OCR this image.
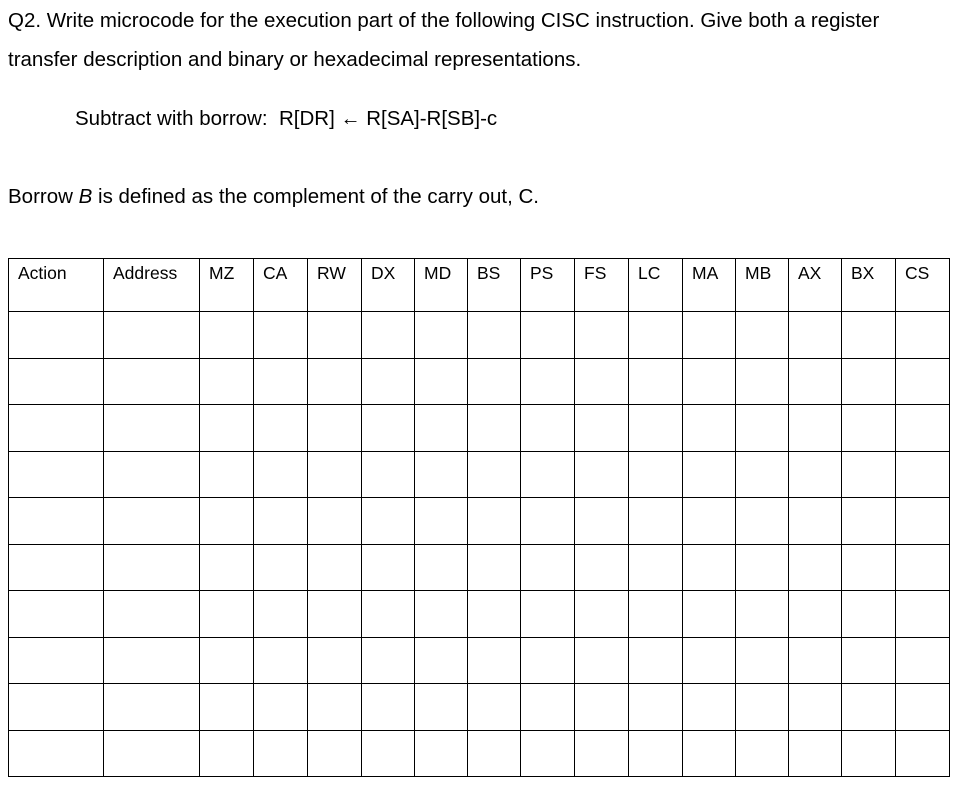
Q2. Write microcode for the execution part of the following CISC instruction. Give both a register transfer description and binary or hexadecimal representations.

Subtract with borrow: R[DR] ← R[SA]-R[SB]-c

Borrow B is defined as the complement of the carry out, C.

Action	Address	MZ	CA	RW	DX	MD	BS	PS	FS	LC	MA	MB	AX	BX	CS
